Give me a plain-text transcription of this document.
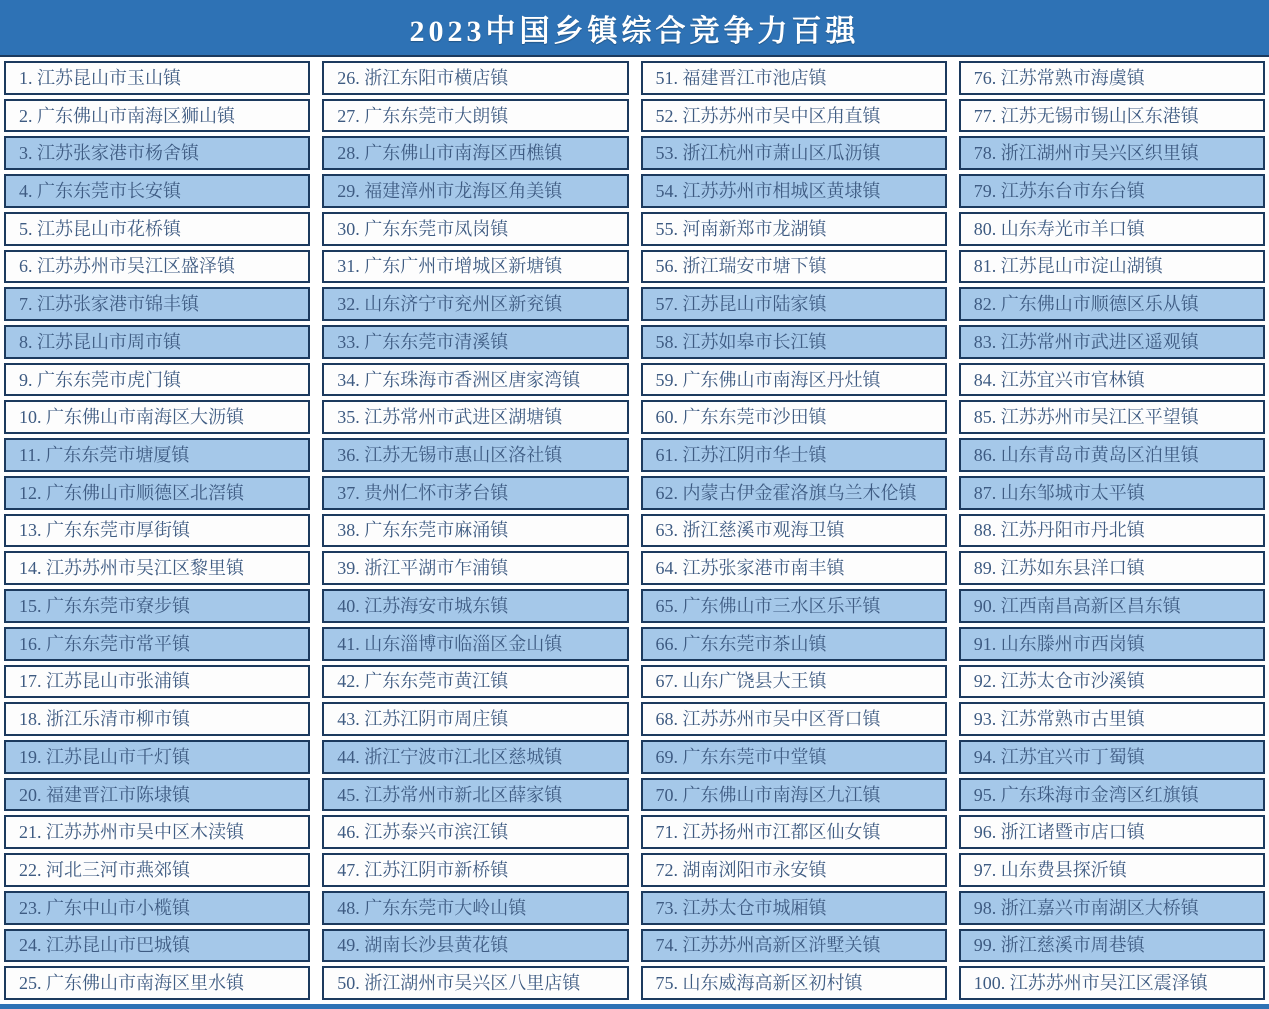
2023中国乡镇综合竞争力百强
1. 江苏昆山市玉山镇
2. 广东佛山市南海区狮山镇
3. 江苏张家港市杨舍镇
4. 广东东莞市长安镇
5. 江苏昆山市花桥镇
6. 江苏苏州市吴江区盛泽镇
7. 江苏张家港市锦丰镇
8. 江苏昆山市周市镇
9. 广东东莞市虎门镇
10. 广东佛山市南海区大沥镇
11. 广东东莞市塘厦镇
12. 广东佛山市顺德区北滘镇
13. 广东东莞市厚街镇
14. 江苏苏州市吴江区黎里镇
15. 广东东莞市寮步镇
16. 广东东莞市常平镇
17. 江苏昆山市张浦镇
18. 浙江乐清市柳市镇
19. 江苏昆山市千灯镇
20. 福建晋江市陈埭镇
21. 江苏苏州市吴中区木渎镇
22. 河北三河市燕郊镇
23. 广东中山市小榄镇
24. 江苏昆山市巴城镇
25. 广东佛山市南海区里水镇
26. 浙江东阳市横店镇
27. 广东东莞市大朗镇
28. 广东佛山市南海区西樵镇
29. 福建漳州市龙海区角美镇
30. 广东东莞市凤岗镇
31. 广东广州市增城区新塘镇
32. 山东济宁市兖州区新兖镇
33. 广东东莞市清溪镇
34. 广东珠海市香洲区唐家湾镇
35. 江苏常州市武进区湖塘镇
36. 江苏无锡市惠山区洛社镇
37. 贵州仁怀市茅台镇
38. 广东东莞市麻涌镇
39. 浙江平湖市乍浦镇
40. 江苏海安市城东镇
41. 山东淄博市临淄区金山镇
42. 广东东莞市黄江镇
43. 江苏江阴市周庄镇
44. 浙江宁波市江北区慈城镇
45. 江苏常州市新北区薛家镇
46. 江苏泰兴市滨江镇
47. 江苏江阴市新桥镇
48. 广东东莞市大岭山镇
49. 湖南长沙县黄花镇
50. 浙江湖州市吴兴区八里店镇
51. 福建晋江市池店镇
52. 江苏苏州市吴中区甪直镇
53. 浙江杭州市萧山区瓜沥镇
54. 江苏苏州市相城区黄埭镇
55. 河南新郑市龙湖镇
56. 浙江瑞安市塘下镇
57. 江苏昆山市陆家镇
58. 江苏如皋市长江镇
59. 广东佛山市南海区丹灶镇
60. 广东东莞市沙田镇
61. 江苏江阴市华士镇
62. 内蒙古伊金霍洛旗乌兰木伦镇
63. 浙江慈溪市观海卫镇
64. 江苏张家港市南丰镇
65. 广东佛山市三水区乐平镇
66. 广东东莞市茶山镇
67. 山东广饶县大王镇
68. 江苏苏州市吴中区胥口镇
69. 广东东莞市中堂镇
70. 广东佛山市南海区九江镇
71. 江苏扬州市江都区仙女镇
72. 湖南浏阳市永安镇
73. 江苏太仓市城厢镇
74. 江苏苏州高新区浒墅关镇
75. 山东威海高新区初村镇
76. 江苏常熟市海虞镇
77. 江苏无锡市锡山区东港镇
78. 浙江湖州市吴兴区织里镇
79. 江苏东台市东台镇
80. 山东寿光市羊口镇
81. 江苏昆山市淀山湖镇
82. 广东佛山市顺德区乐从镇
83. 江苏常州市武进区遥观镇
84. 江苏宜兴市官林镇
85. 江苏苏州市吴江区平望镇
86. 山东青岛市黄岛区泊里镇
87. 山东邹城市太平镇
88. 江苏丹阳市丹北镇
89. 江苏如东县洋口镇
90. 江西南昌高新区昌东镇
91. 山东滕州市西岗镇
92. 江苏太仓市沙溪镇
93. 江苏常熟市古里镇
94. 江苏宜兴市丁蜀镇
95. 广东珠海市金湾区红旗镇
96. 浙江诸暨市店口镇
97. 山东费县探沂镇
98. 浙江嘉兴市南湖区大桥镇
99. 浙江慈溪市周巷镇
100. 江苏苏州市吴江区震泽镇
